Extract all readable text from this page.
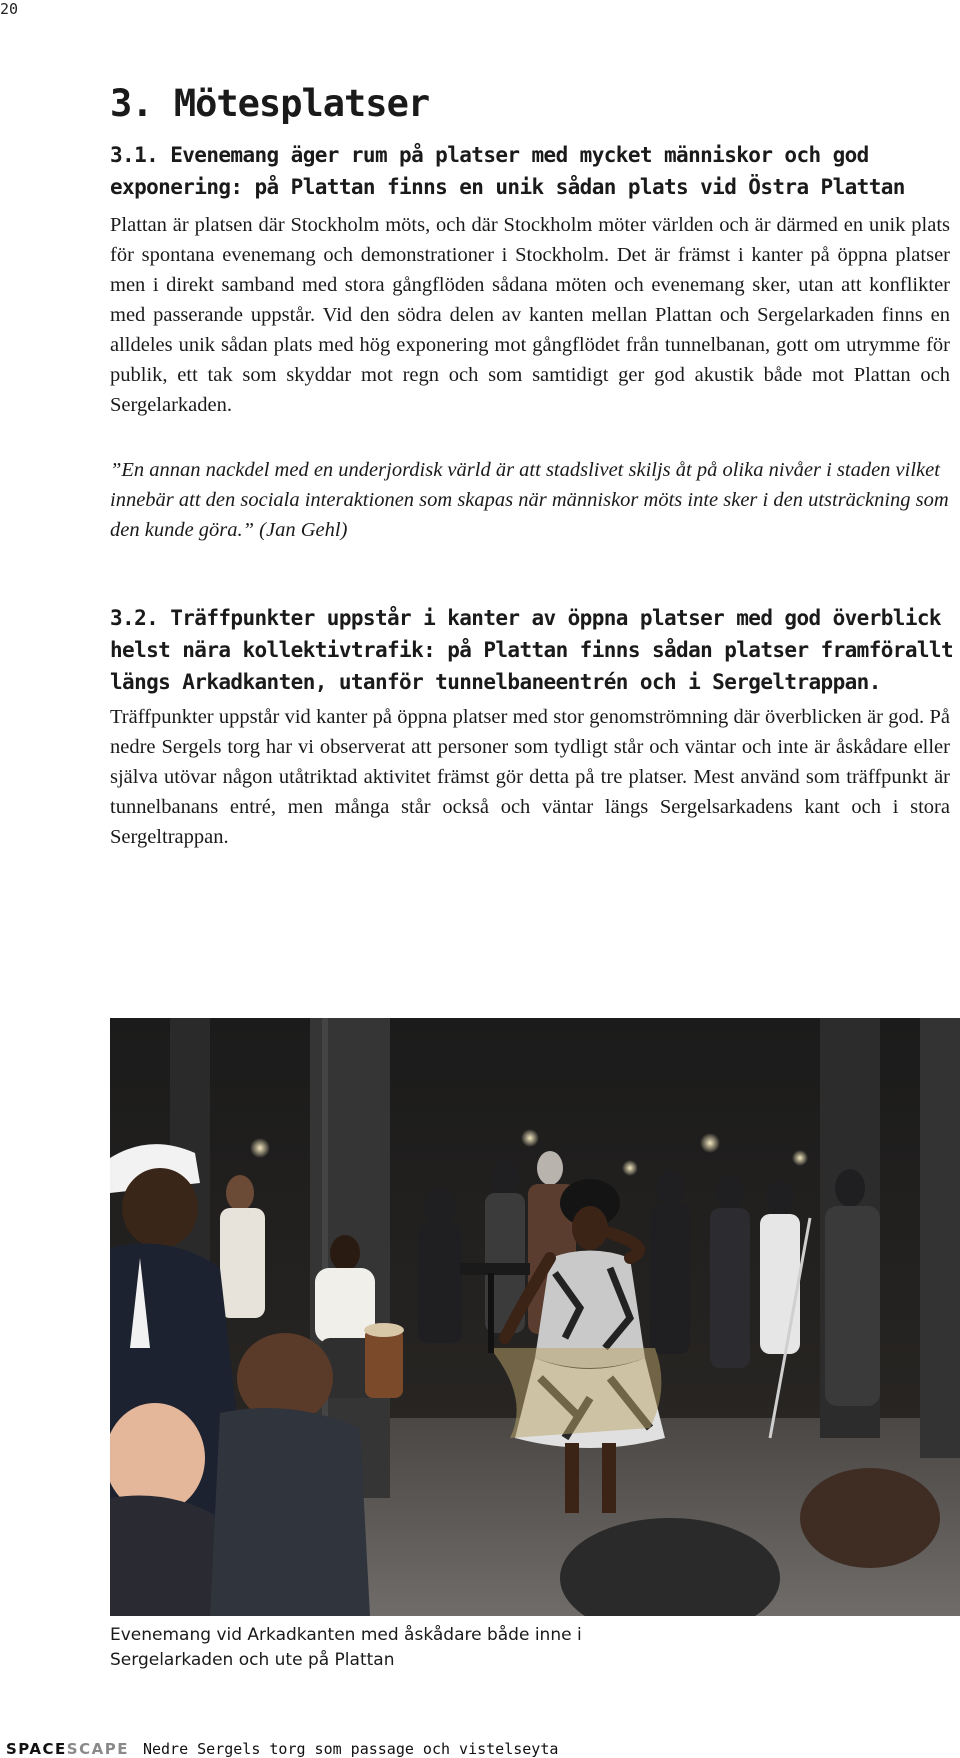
20
3. Mötesplatser
3.1. Evenemang äger rum på platser med mycket människor och god exponering: på Plattan finns en unik sådan plats vid Östra Plattan

Plattan är platsen där Stockholm möts, och där Stockholm möter världen och är därmed en unik plats för spontana evenemang och demonstrationer i Stockholm. Det är främst i kanter på öppna platser men i direkt samband med stora gångflöden sådana möten och evenemang sker, utan att konflikter med passerande uppstår. Vid den södra delen av kanten mellan Plattan och Sergelarkaden finns en alldeles unik sådan plats med hög exponering mot gångflödet från tunnelbanan, gott om utrymme för publik, ett tak som skyddar mot regn och som samtidigt ger god akustik både mot Plattan och Sergelarkaden.

”En annan nackdel med en underjordisk värld är att stadslivet skiljs åt på olika nivåer i staden vilket innebär att den sociala interaktionen som skapas när människor möts inte sker i den utsträckning som den kunde göra.” (Jan Gehl)

3.2. Träffpunkter uppstår i kanter av öppna platser med god överblick helst nära kollektivtrafik: på Plattan finns sådan platser framförallt längs Arkadkanten, utanför tunnelbaneentrén och i Sergeltrappan.

Träffpunkter uppstår vid kanter på öppna platser med stor genomströmning där överblicken är god. På nedre Sergels torg har vi observerat att personer som tydligt står och väntar och inte är åskådare eller själva utövar någon utåtriktad aktivitet främst gör detta på tre platser. Mest använd som träffpunkt är tunnelbanans entré, men många står också och väntar längs Sergelsarkadens kant och i stora Sergeltrappan.

Evenemang vid Arkadkanten med åskådare både inne i Sergelarkaden och ute på Plattan
SPACE SCAPE Nedre Sergels torg som passage och vistelseyta
